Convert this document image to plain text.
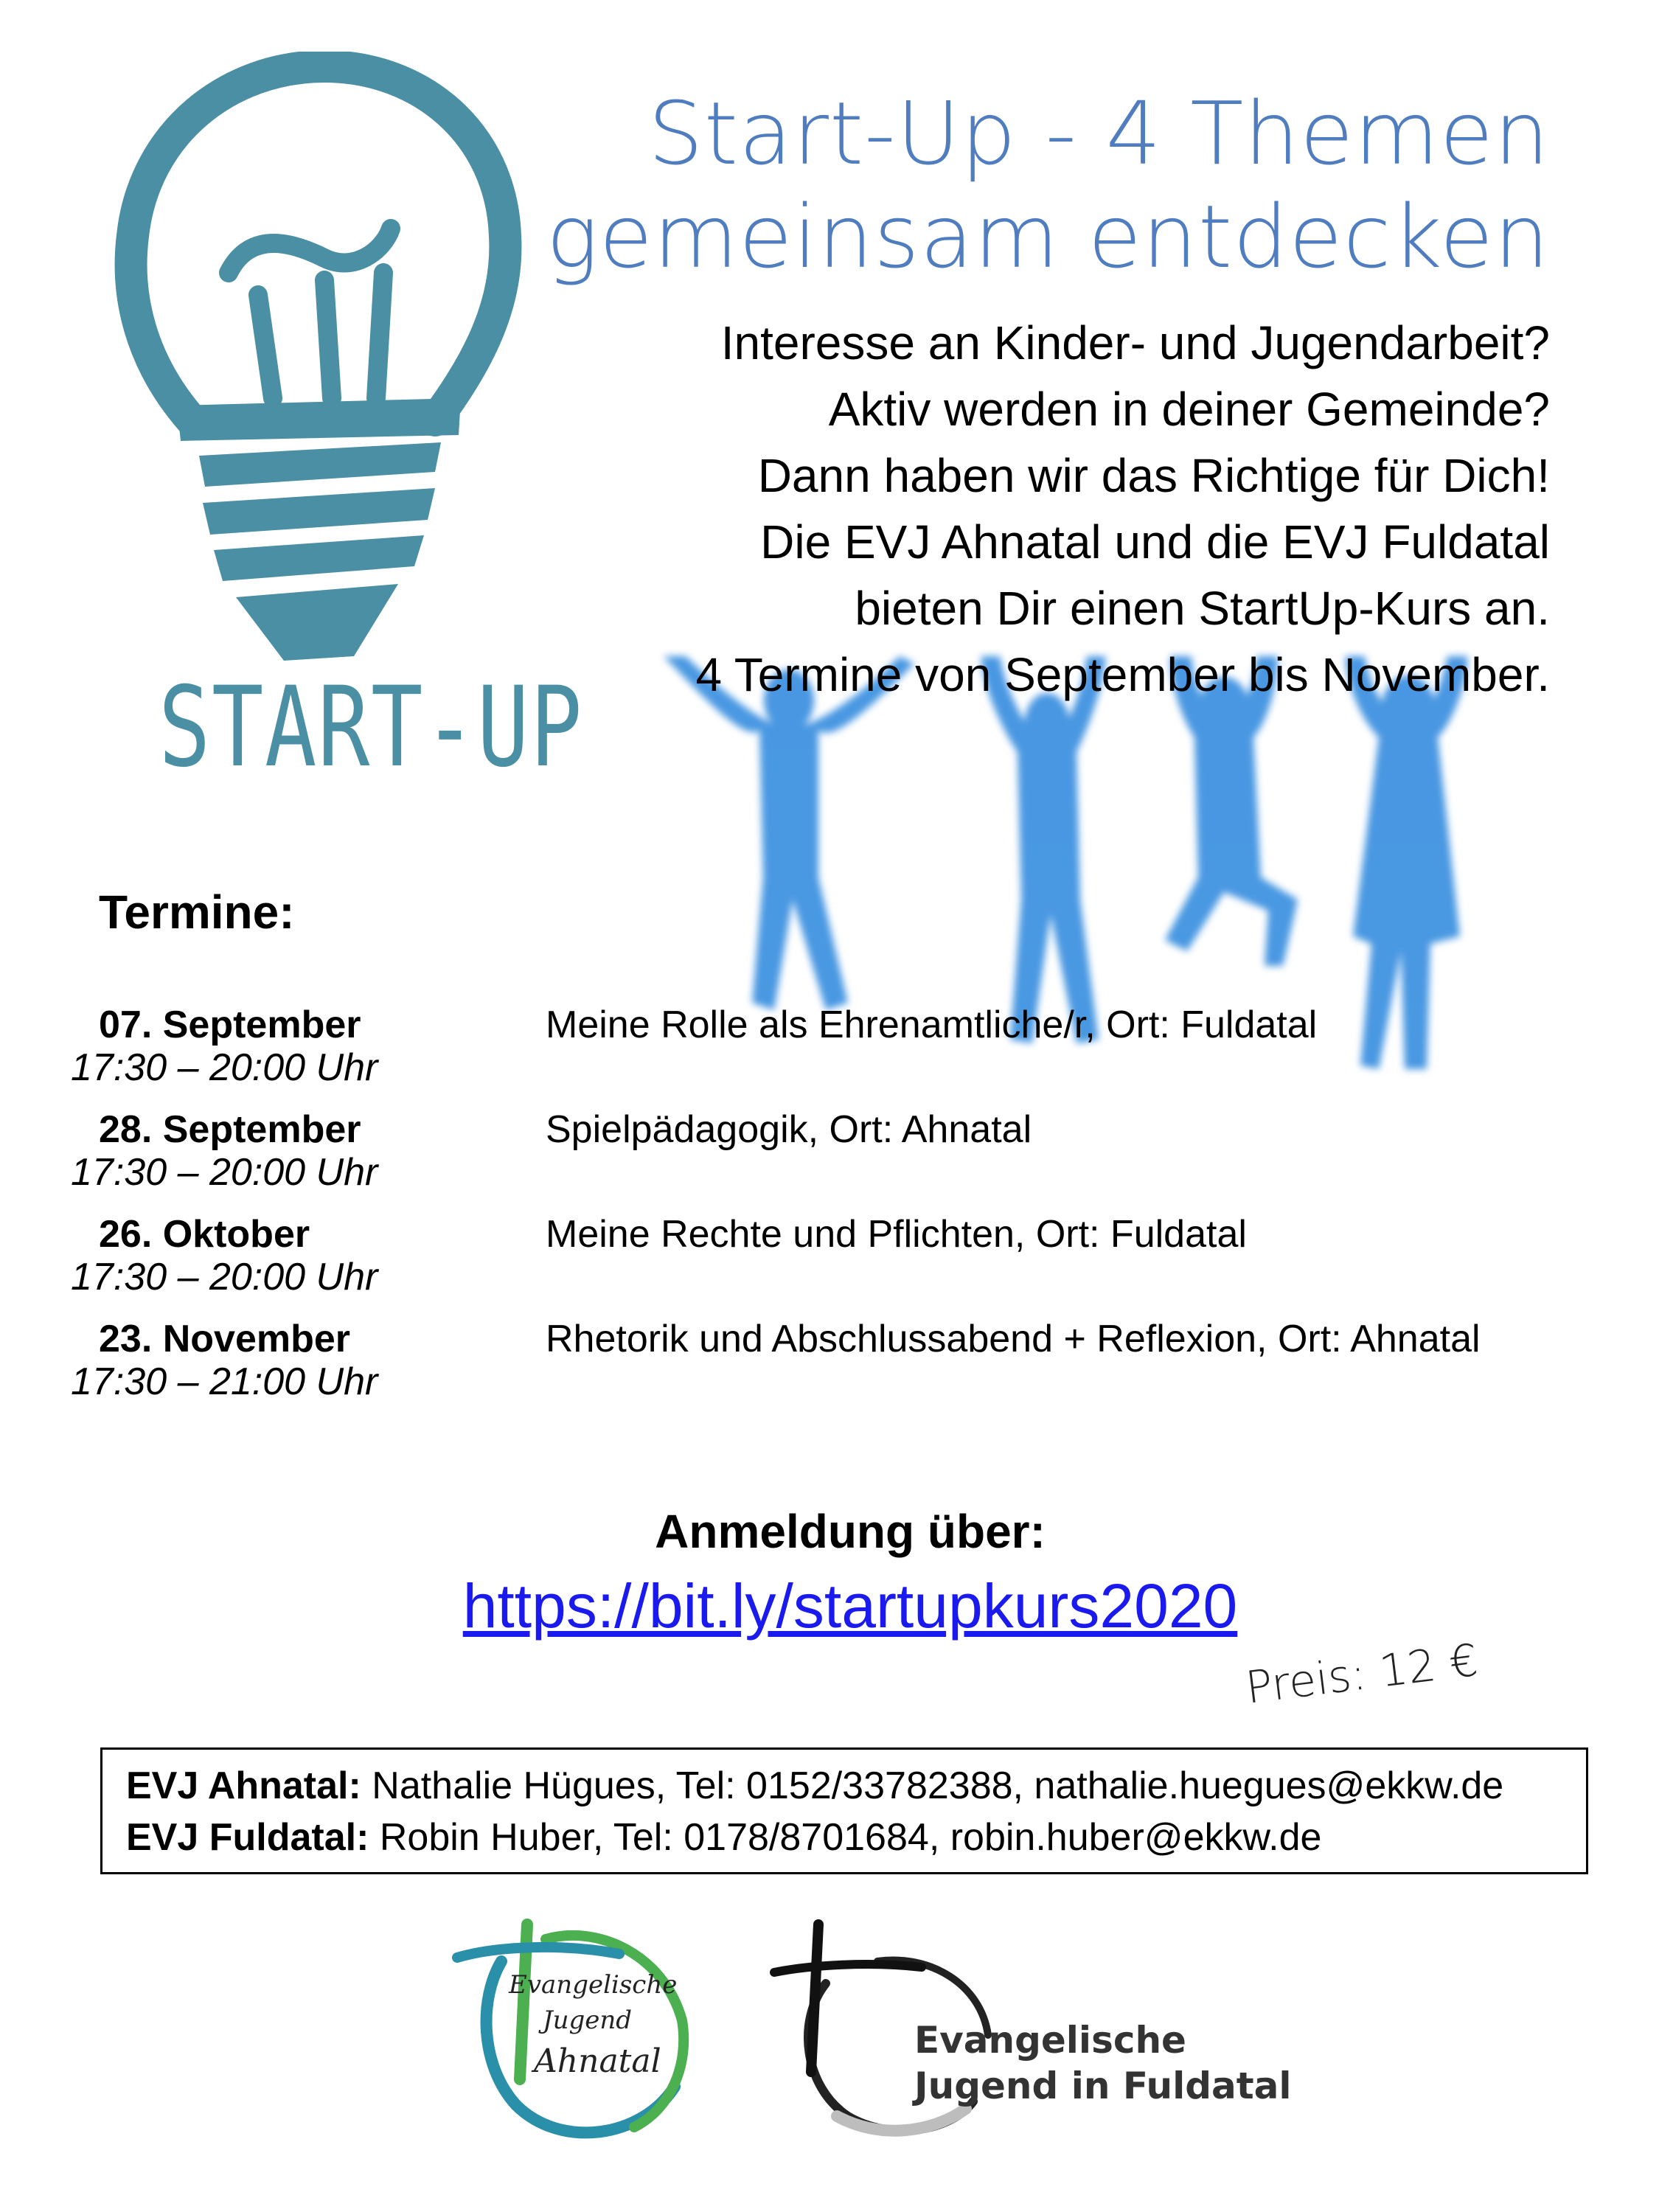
START-UP
Start-Up - 4 Themen
gemeinsam entdecken
Interesse an Kinder- und Jugendarbeit?
Aktiv werden in deiner Gemeinde?
Dann haben wir das Richtige für Dich!
Die EVJ Ahnatal und die EVJ Fuldatal
bieten Dir einen StartUp-Kurs an.
4 Termine von September bis November.
Termine:
07. September
17:30 – 20:00 Uhr
Meine Rolle als Ehrenamtliche/r, Ort: Fuldatal
28. September
17:30 – 20:00 Uhr
Spielpädagogik, Ort: Ahnatal
26. Oktober
17:30 – 20:00 Uhr
Meine Rechte und Pflichten, Ort: Fuldatal
23. November
17:30 – 21:00 Uhr
Rhetorik und Abschlussabend + Reflexion, Ort: Ahnatal
Anmeldung über:
https://bit.ly/startupkurs2020
Preis: 12 €
EVJ Ahnatal: Nathalie Hügues, Tel: 0152/33782388, nathalie.huegues@ekkw.de
EVJ Fuldatal: Robin Huber, Tel: 0178/8701684, robin.huber@ekkw.de
Evangelische
Jugend
Ahnatal	Evangelische
Jugend in Fuldatal
